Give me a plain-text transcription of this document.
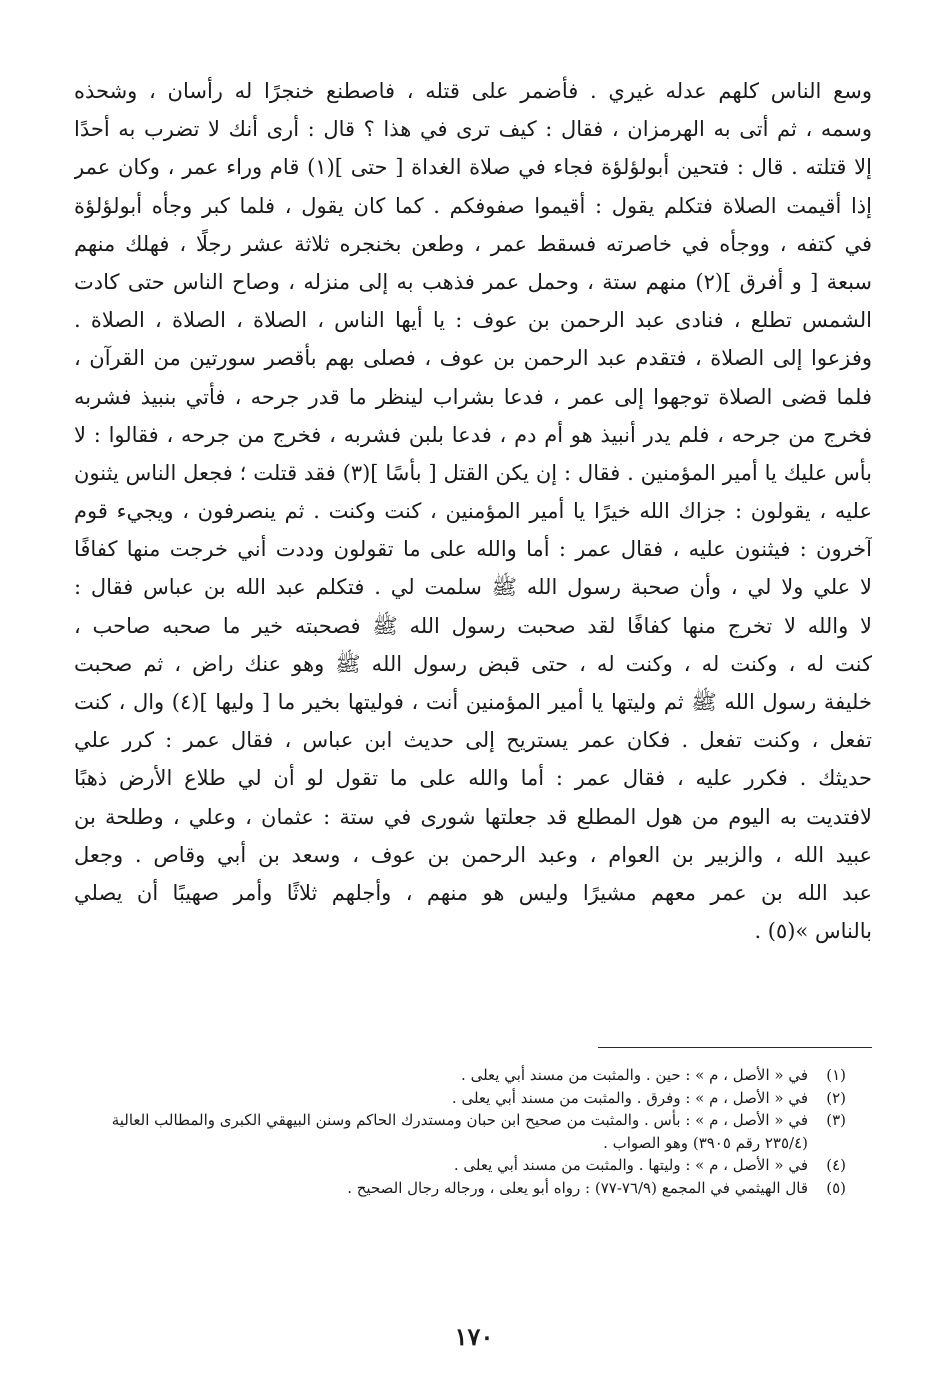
وسع الناس كلهم عدله غيري . فأضمر على قتله ، فاصطنع خنجرًا له رأسان ، وشحذه
وسمه ، ثم أتى به الهرمزان ، فقال : كيف ترى في هذا ؟ قال : أرى أنك لا تضرب به أحدًا
إلا قتلته . قال : فتحين أبولؤلؤة فجاء في صلاة الغداة [ حتى ](١) قام وراء عمر ، وكان عمر
إذا أقيمت الصلاة فتكلم يقول : أقيموا صفوفكم . كما كان يقول ، فلما كبر وجأه أبولؤلؤة
في كتفه ، ووجأه في خاصرته فسقط عمر ، وطعن بخنجره ثلاثة عشر رجلًا ، فهلك منهم
سبعة [ و أفرق ](٢) منهم ستة ، وحمل عمر فذهب به إلى منزله ، وصاح الناس حتى كادت
الشمس تطلع ، فنادى عبد الرحمن بن عوف : يا أيها الناس ، الصلاة ، الصلاة ، الصلاة .
وفزعوا إلى الصلاة ، فتقدم عبد الرحمن بن عوف ، فصلى بهم بأقصر سورتين من القرآن ،
فلما قضى الصلاة توجهوا إلى عمر ، فدعا بشراب لينظر ما قدر جرحه ، فأتي بنبيذ فشربه
فخرج من جرحه ، فلم يدر أنبيذ هو أم دم ، فدعا بلبن فشربه ، فخرج من جرحه ، فقالوا : لا
بأس عليك يا أمير المؤمنين . فقال : إن يكن القتل [ بأسًا ](٣) فقد قتلت ؛ فجعل الناس يثنون
عليه ، يقولون : جزاك الله خيرًا يا أمير المؤمنين ، كنت وكنت . ثم ينصرفون ، ويجيء قوم
آخرون : فيثنون عليه ، فقال عمر : أما والله على ما تقولون وددت أني خرجت منها كفافًا
لا علي ولا لي ، وأن صحبة رسول الله ﷺ سلمت لي . فتكلم عبد الله بن عباس فقال :
لا والله لا تخرج منها كفافًا لقد صحبت رسول الله ﷺ فصحبته خير ما صحبه صاحب ،
كنت له ، وكنت له ، وكنت له ، حتى قبض رسول الله ﷺ وهو عنك راض ، ثم صحبت
خليفة رسول الله ﷺ ثم وليتها يا أمير المؤمنين أنت ، فوليتها بخير ما [ وليها ](٤) وال ، كنت
تفعل ، وكنت تفعل . فكان عمر يستريح إلى حديث ابن عباس ، فقال عمر : كرر علي
حديثك . فكرر عليه ، فقال عمر : أما والله على ما تقول لو أن لي طلاع الأرض ذهبًا
لافتديت به اليوم من هول المطلع قد جعلتها شورى في ستة : عثمان ، وعلي ، وطلحة بن
عبيد الله ، والزبير بن العوام ، وعبد الرحمن بن عوف ، وسعد بن أبي وقاص . وجعل
عبد الله بن عمر معهم مشيرًا وليس هو منهم ، وأجلهم ثلاثًا وأمر صهيبًا أن يصلي
بالناس »(٥) .
(١)
في « الأصل ، م » : حين . والمثبت من مسند أبي يعلى .
(٢)
في « الأصل ، م » : وفرق . والمثبت من مسند أبي يعلى .
(٣)
في « الأصل ، م » : بأس . والمثبت من صحيح ابن حبان ومستدرك الحاكم وسنن البيهقي الكبرى والمطالب العالية (٢٣٥/٤ رقم ٣٩٠٥) وهو الصواب .
(٤)
في « الأصل ، م » : وليتها . والمثبت من مسند أبي يعلى .
(٥)
قال الهيثمي في المجمع (٧٦/٩-٧٧) : رواه أبو يعلى ، ورجاله رجال الصحيح .
١٧٠
